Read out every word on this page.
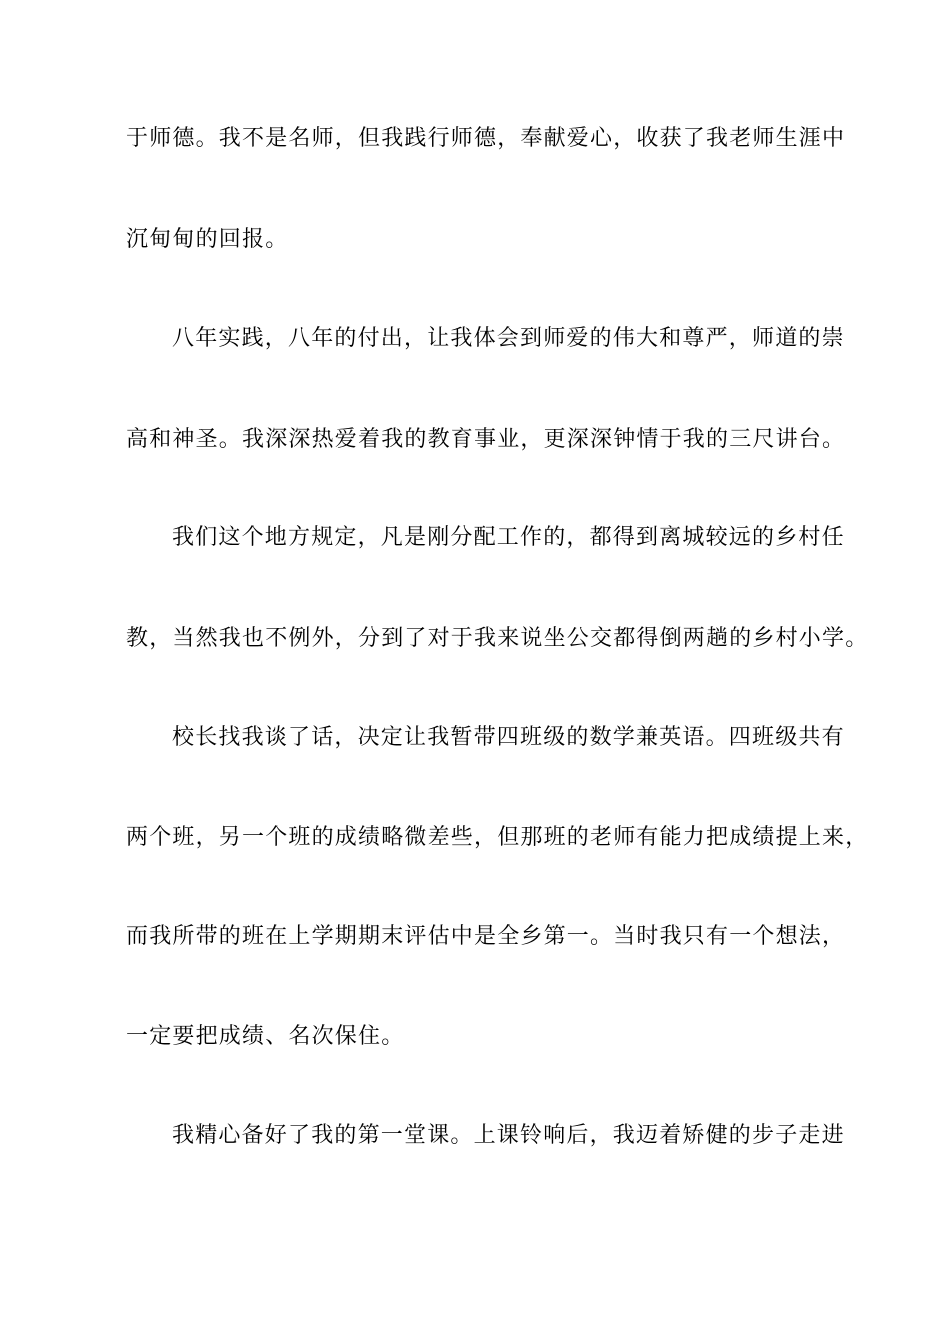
于师德。我不是名师，但我践行师德，奉献爱心，收获了我老师生涯中

沉甸甸的回报。

八年实践，八年的付出，让我体会到师爱的伟大和尊严，师道的崇

高和神圣。我深深热爱着我的教育事业，更深深钟情于我的三尺讲台。

我们这个地方规定，凡是刚分配工作的，都得到离城较远的乡村任

教，当然我也不例外，分到了对于我来说坐公交都得倒两趟的乡村小学。

校长找我谈了话，决定让我暂带四班级的数学兼英语。四班级共有

两个班，另一个班的成绩略微差些，但那班的老师有能力把成绩提上来，

而我所带的班在上学期期末评估中是全乡第一。当时我只有一个想法，

一定要把成绩、名次保住。

我精心备好了我的第一堂课。上课铃响后，我迈着矫健的步子走进
